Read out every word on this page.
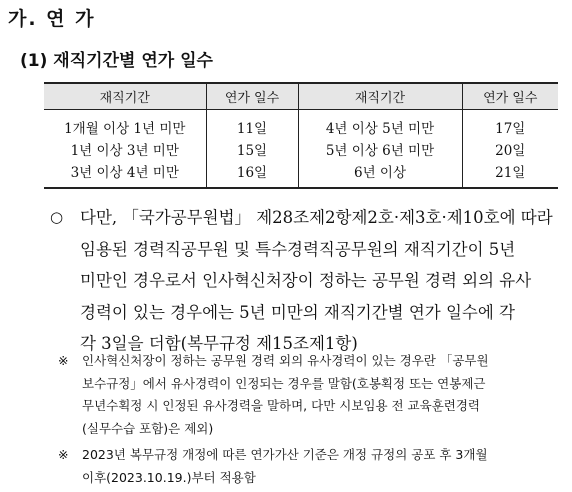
가. 연 가
(1) 재직기간별 연가 일수
재직기간	연가 일수	재직기간	연가 일수
1개월 이상 1년 미만	11일	4년 이상 5년 미만	17일
1년 이상 3년 미만	15일	5년 이상 6년 미만	20일
3년 이상 4년 미만	16일	6년 이상	21일
○ 다만, 「국가공무원법」 제28조제2항제2호·제3호·제10호에 따라
임용된 경력직공무원 및 특수경력직공무원의 재직기간이 5년
미만인 경우로서 인사혁신처장이 정하는 공무원 경력 외의 유사
경력이 있는 경우에는 5년 미만의 재직기간별 연가 일수에 각
각 3일을 더함(복무규정 제15조제1항)
※ 인사혁신처장이 정하는 공무원 경력 외의 유사경력이 있는 경우란 「공무원
보수규정」에서 유사경력이 인정되는 경우를 말함(호봉획정 또는 연봉제근
무년수획정 시 인정된 유사경력을 말하며, 다만 시보임용 전 교육훈련경력
(실무수습 포함)은 제외)
※ 2023년 복무규정 개정에 따른 연가가산 기준은 개정 규정의 공포 후 3개월
이후(2023.10.19.)부터 적용함
